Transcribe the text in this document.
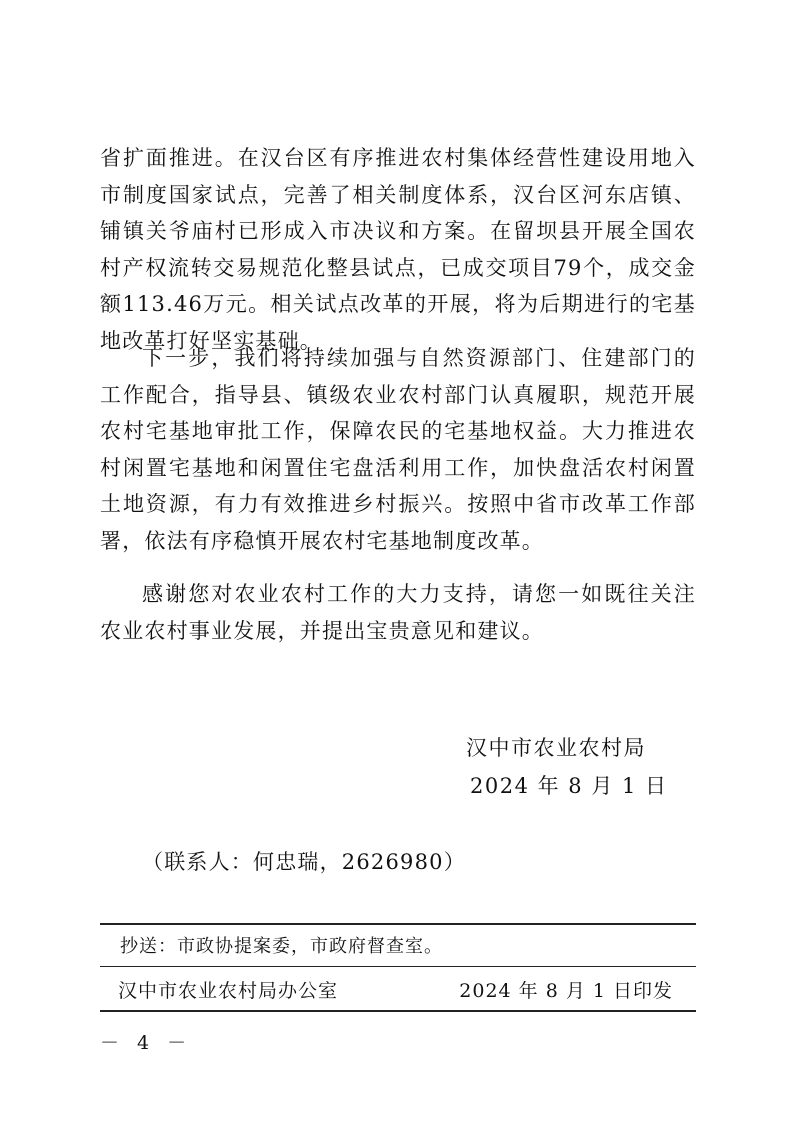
省扩面推进。在汉台区有序推进农村集体经营性建设用地入市制度国家试点，完善了相关制度体系，汉台区河东店镇、铺镇关爷庙村已形成入市决议和方案。在留坝县开展全国农村产权流转交易规范化整县试点，已成交项目79个，成交金额113.46万元。相关试点改革的开展，将为后期进行的宅基地改革打好坚实基础。

下一步，我们将持续加强与自然资源部门、住建部门的工作配合，指导县、镇级农业农村部门认真履职，规范开展农村宅基地审批工作，保障农民的宅基地权益。大力推进农村闲置宅基地和闲置住宅盘活利用工作，加快盘活农村闲置土地资源，有力有效推进乡村振兴。按照中省市改革工作部署，依法有序稳慎开展农村宅基地制度改革。

感谢您对农业农村工作的大力支持，请您一如既往关注农业农村事业发展，并提出宝贵意见和建议。

汉中市农业农村局
2024 年 8 月 1 日
（联系人：何忠瑞，2626980）
抄送：市政协提案委，市政府督查室。
汉中市农业农村局办公室	2024 年 8 月 1 日印发
－ 4 －
